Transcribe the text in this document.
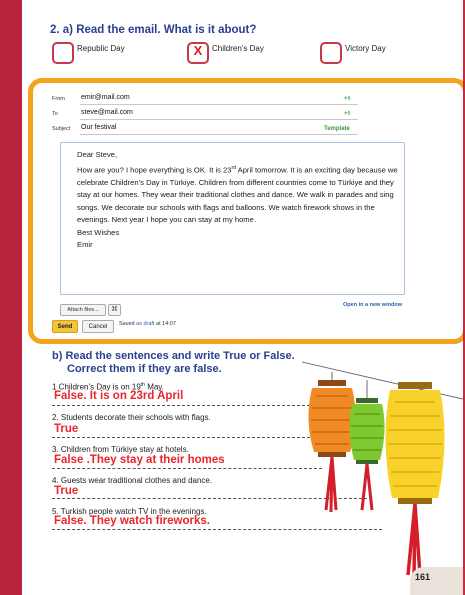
2. a) Read the email. What is it about?
Republic Day	X	Children’s Day	Victory Day
From emir@mail.com	+◊
To	steve@mail.com	+◊
Subject Our festival	Template

Dear Steve,

How are you? I hope everything is OK. It is 23rd April tomorrow. It is an exciting day because we celebrate Children’s Day in Türkiye. Children from different countries come to Türkiye and they stay at our homes. They wear their traditional clothes and dance. We walk in parades and sing songs. We decorate our schools with flags and balloons. We watch firework shows in the evenings. Next year I hope you can stay at my home.

Best Wishes

Emir

Attach files...	⌘
Open in a new window
Send	Cancel	Saved as draft at 14:07
b) Read the sentences and write True or False.
Correct them if they are false.
1 Children’s Day is on 19th May.
False. It is on 23rd April
2. Students decorate their schools with flags.
True
3. Children from Türkiye stay at hotels.
False .They stay at their homes
4. Guests wear traditional clothes and dance.
True
5. Turkish people watch TV in the evenings.
False. They watch fireworks.
161
